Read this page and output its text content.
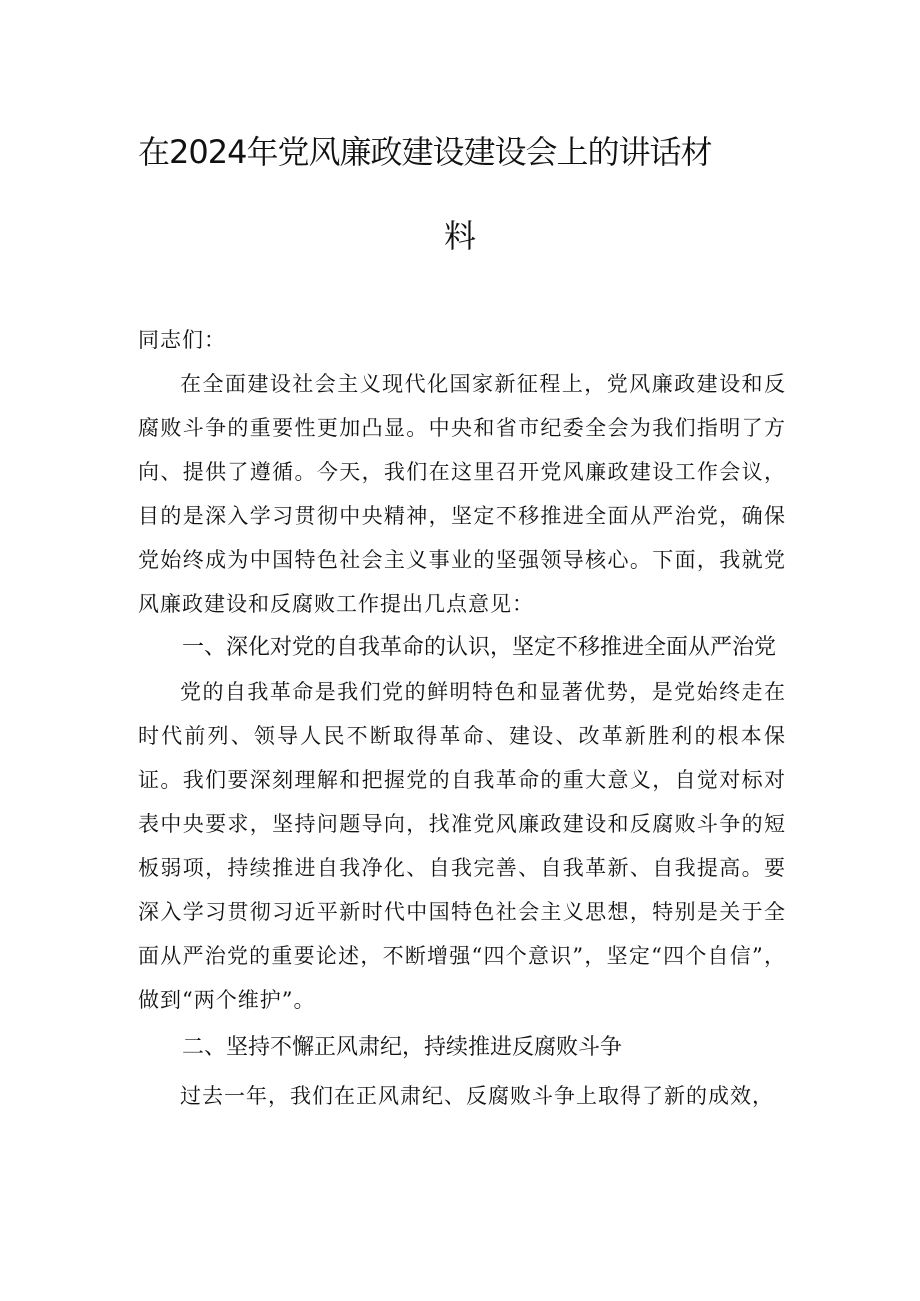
在2024年党风廉政建设建设会上的讲话材
料

同志们：

在全面建设社会主义现代化国家新征程上，党风廉政建设和反腐败斗争的重要性更加凸显。中央和省市纪委全会为我们指明了方向、提供了遵循。今天，我们在这里召开党风廉政建设工作会议，目的是深入学习贯彻中央精神，坚定不移推进全面从严治党，确保党始终成为中国特色社会主义事业的坚强领导核心。下面，我就党风廉政建设和反腐败工作提出几点意见：

一、深化对党的自我革命的认识，坚定不移推进全面从严治党

党的自我革命是我们党的鲜明特色和显著优势，是党始终走在时代前列、领导人民不断取得革命、建设、改革新胜利的根本保证。我们要深刻理解和把握党的自我革命的重大意义，自觉对标对表中央要求，坚持问题导向，找准党风廉政建设和反腐败斗争的短板弱项，持续推进自我净化、自我完善、自我革新、自我提高。要深入学习贯彻习近平新时代中国特色社会主义思想，特别是关于全面从严治党的重要论述，不断增强“四个意识”，坚定“四个自信”，做到“两个维护”。

二、坚持不懈正风肃纪，持续推进反腐败斗争

过去一年，我们在正风肃纪、反腐败斗争上取得了新的成效，
